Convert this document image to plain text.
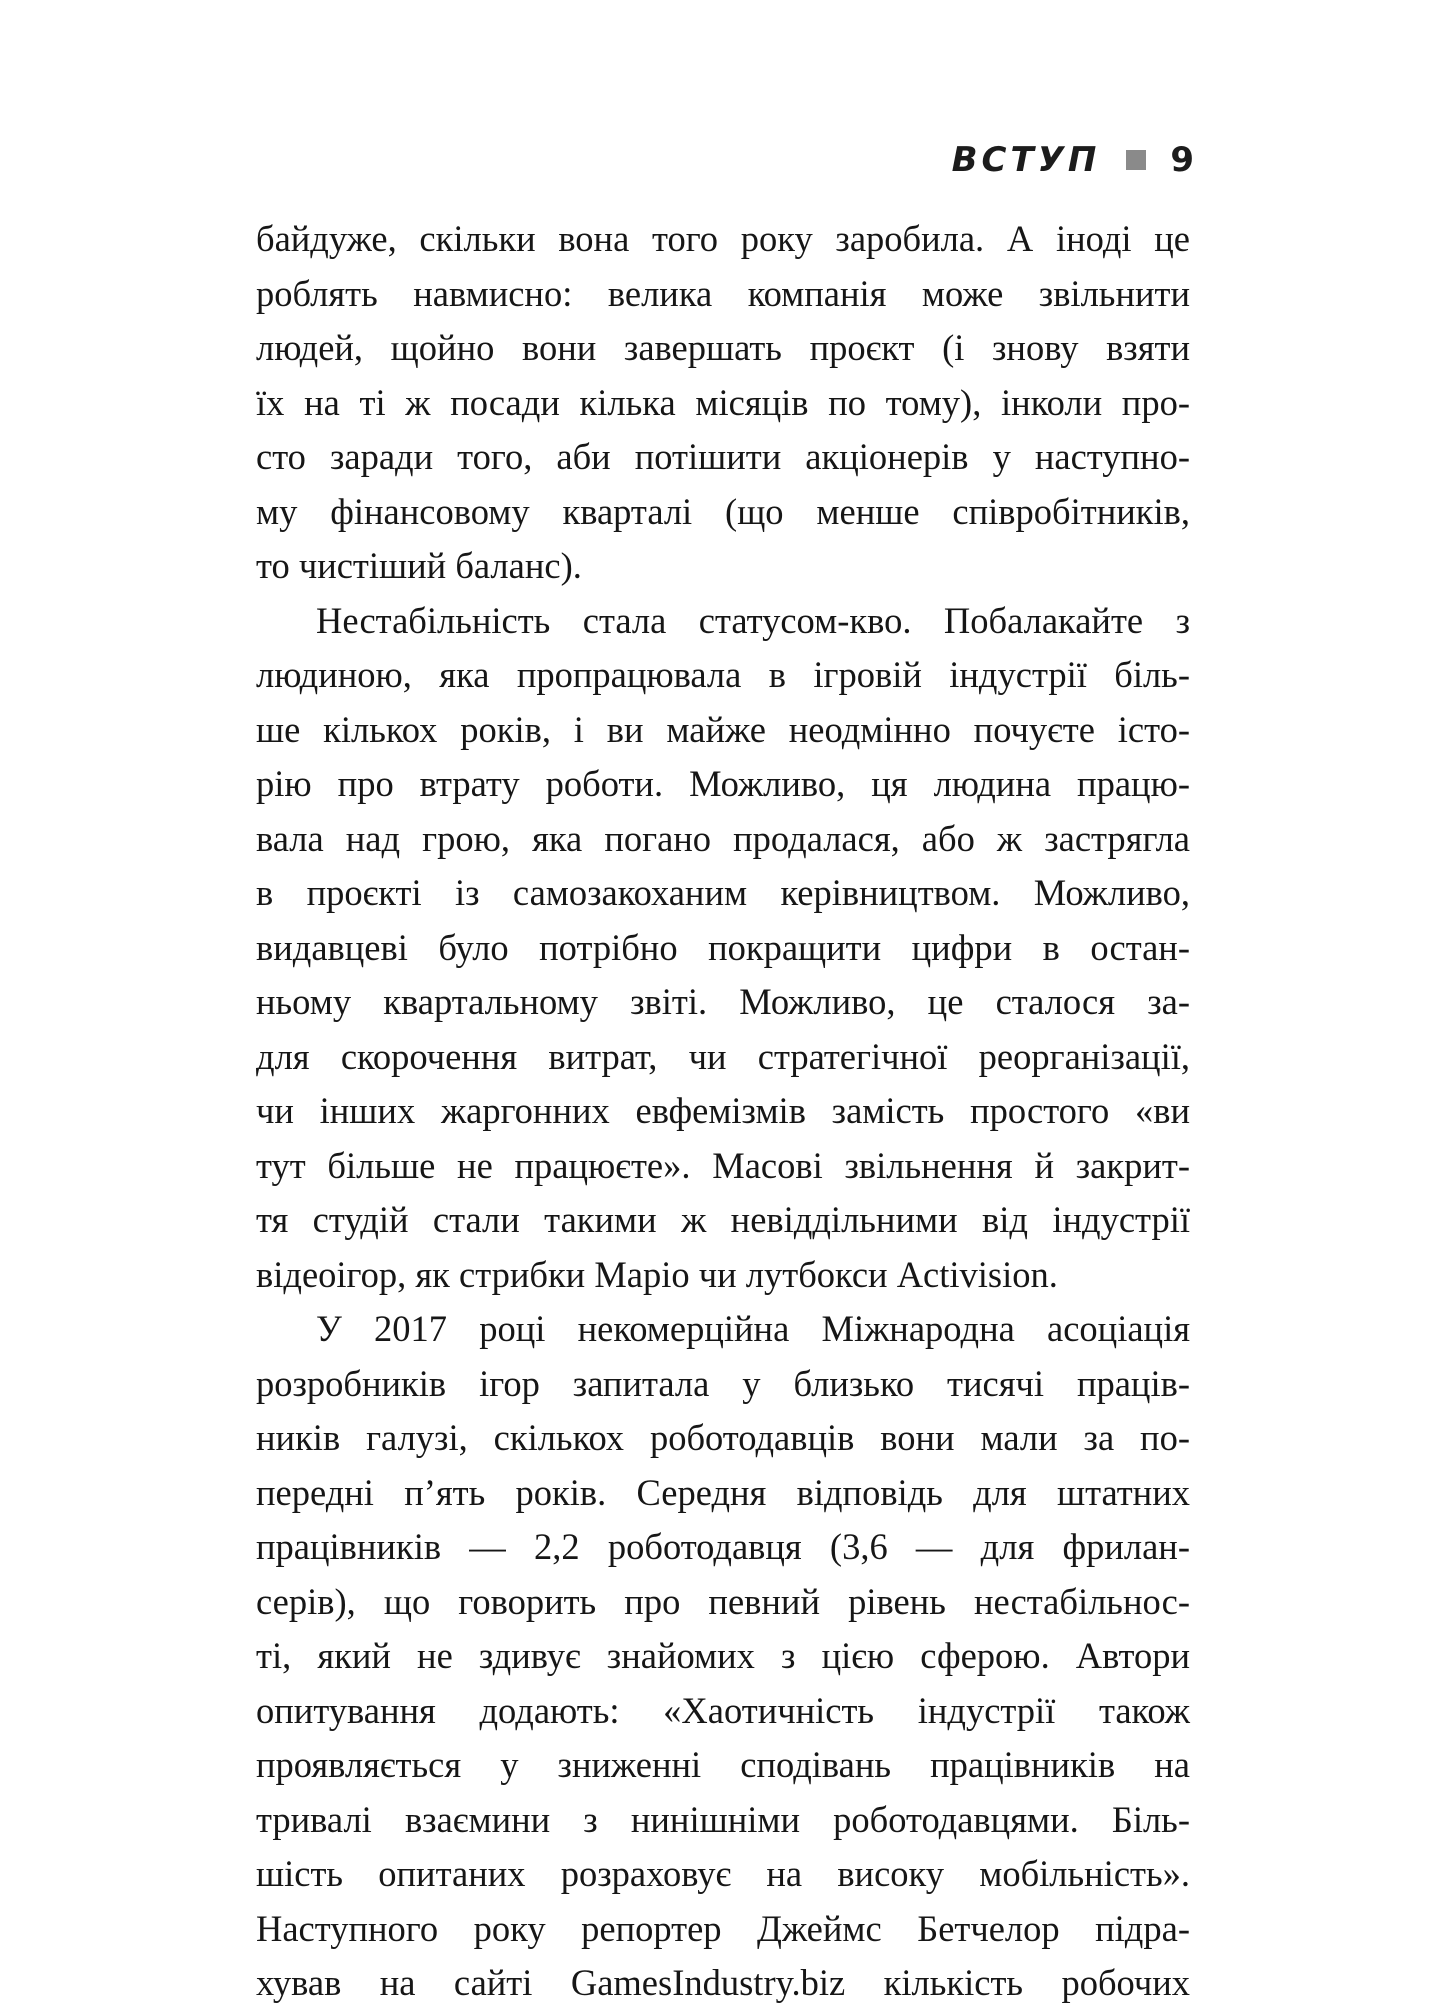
ВСТУП 9

байдуже, скільки вона того року заробила. А іноді це
роблять навмисно: велика компанія може звільнити
людей, щойно вони завершать проєкт (і знову взяти
їх на ті ж посади кілька місяців по тому), інколи про-
сто заради того, аби потішити акціонерів у наступно-
му фінансовому кварталі (що менше співробітників,
то чистіший баланс).

Нестабільність стала статусом-кво. Побалакайте з
людиною, яка пропрацювала в ігровій індустрії біль-
ше кількох років, і ви майже неодмінно почуєте істо-
рію про втрату роботи. Можливо, ця людина працю-
вала над грою, яка погано продалася, або ж застрягла
в проєкті із самозакоханим керівництвом. Можливо,
видавцеві було потрібно покращити цифри в остан-
ньому квартальному звіті. Можливо, це сталося за-
для скорочення витрат, чи стратегічної реорганізації,
чи інших жаргонних евфемізмів замість простого «ви
тут більше не працюєте». Масові звільнення й закрит-
тя студій стали такими ж невіддільними від індустрії
відеоігор, як стрибки Маріо чи лутбокси Activision.

У 2017 році некомерційна Міжнародна асоціація
розробників ігор запитала у близько тисячі праців-
ників галузі, скількох роботодавців вони мали за по-
передні п’ять років. Середня відповідь для штатних
працівників — 2,2 роботодавця (3,6 — для фрилан-
серів), що говорить про певний рівень нестабільнос-
ті, який не здивує знайомих з цією сферою. Автори
опитування додають: «Хаотичність індустрії також
проявляється у зниженні сподівань працівників на
тривалі взаємини з нинішніми роботодавцями. Біль-
шість опитаних розраховує на високу мобільність».
Наступного року репортер Джеймс Бетчелор підра-
хував на сайті GamesIndustry.biz кількість робочих
